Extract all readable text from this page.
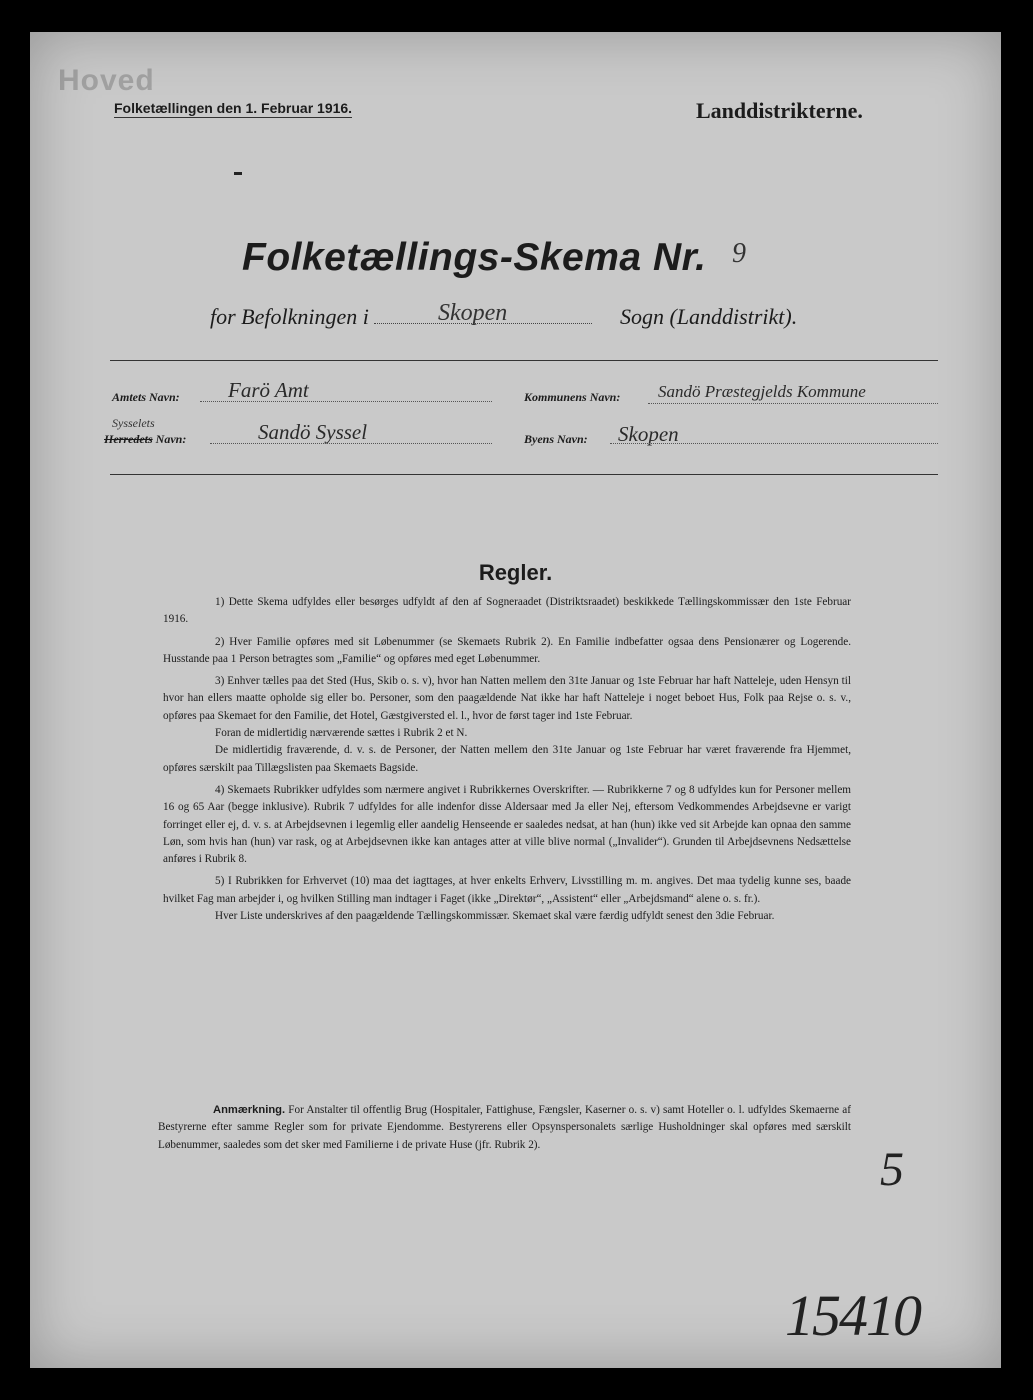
Hoved
Folketællingen den 1. Februar 1916.	Landdistrikterne.
Folketællings-Skema Nr. 9
for Befolkningen i	Skopen	Sogn (Landdistrikt).
Amtets Navn: Farö Amt	Kommunens Navn: Sandö Præstegjelds Kommune
Sysselets
Herredets Navn:	Sandö Syssel	Byens Navn: Skopen
Regler.

1) Dette Skema udfyldes eller besørges udfyldt af den af Sogneraadet (Distriktsraadet) beskikkede Tællingskommissær den 1ste Februar 1916.

2) Hver Familie opføres med sit Løbenummer (se Skemaets Rubrik 2). En Familie indbefatter ogsaa dens Pensionærer og Logerende. Husstande paa 1 Person betragtes som „Familie“ og opføres med eget Løbenummer.

3) Enhver tælles paa det Sted (Hus, Skib o. s. v), hvor han Natten mellem den 31te Januar og 1ste Februar har haft Natteleje, uden Hensyn til hvor han ellers maatte opholde sig eller bo. Personer, som den paagældende Nat ikke har haft Natteleje i noget beboet Hus, Folk paa Rejse o. s. v., opføres paa Skemaet for den Familie, det Hotel, Gæstgiversted el. l., hvor de først tager ind 1ste Februar.

Foran de midlertidig nærværende sættes i Rubrik 2 et N.

De midlertidig fraværende, d. v. s. de Personer, der Natten mellem den 31te Januar og 1ste Februar har været fraværende fra Hjemmet, opføres særskilt paa Tillægslisten paa Skemaets Bagside.

4) Skemaets Rubrikker udfyldes som nærmere angivet i Rubrikkernes Overskrifter. — Rubrikkerne 7 og 8 udfyldes kun for Personer mellem 16 og 65 Aar (begge inklusive). Rubrik 7 udfyldes for alle indenfor disse Aldersaar med Ja eller Nej, eftersom Vedkommendes Arbejdsevne er varigt forringet eller ej, d. v. s. at Arbejdsevnen i legemlig eller aandelig Henseende er saaledes nedsat, at han (hun) ikke ved sit Arbejde kan opnaa den samme Løn, som hvis han (hun) var rask, og at Arbejdsevnen ikke kan antages atter at ville blive normal („Invalider“). Grunden til Arbejdsevnens Nedsættelse anføres i Rubrik 8.

5) I Rubrikken for Erhvervet (10) maa det iagttages, at hver enkelts Erhverv, Livsstilling m. m. angives. Det maa tydelig kunne ses, baade hvilket Fag man arbejder i, og hvilken Stilling man indtager i Faget (ikke „Direktør“, „Assistent“ eller „Arbejdsmand“ alene o. s. fr.).

Hver Liste underskrives af den paagældende Tællingskommissær. Skemaet skal være færdig udfyldt senest den 3die Februar.

Anmærkning. For Anstalter til offentlig Brug (Hospitaler, Fattighuse, Fængsler, Kaserner o. s. v) samt Hoteller o. l. udfyldes Skemaerne af Bestyrerne efter samme Regler som for private Ejendomme. Bestyrerens eller Opsynspersonalets særlige Husholdninger skal opføres med særskilt Løbenummer, saaledes som det sker med Familierne i de private Huse (jfr. Rubrik 2).	5
15410
